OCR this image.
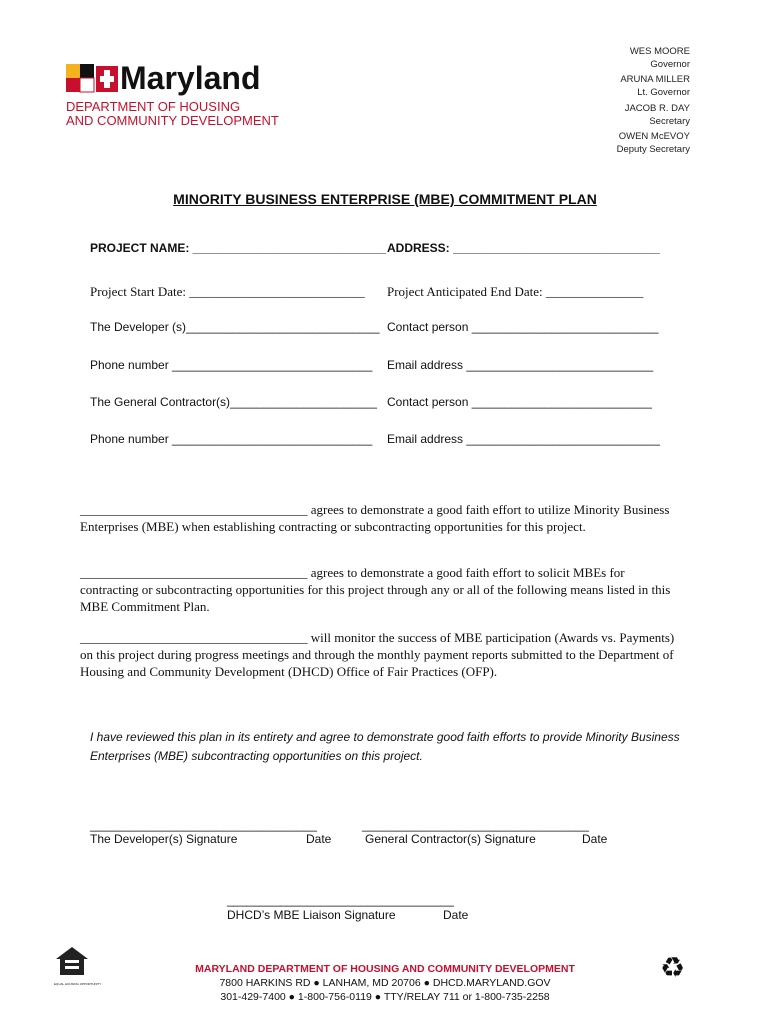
Maryland
DEPARTMENT OF HOUSING
AND COMMUNITY DEVELOPMENT
WES MOORE
Governor
ARUNA MILLER
Lt. Governor
JACOB R. DAY
Secretary
OWEN McEVOY
Deputy Secretary
MINORITY BUSINESS ENTERPRISE (MBE) COMMITMENT PLAN
PROJECT NAME: _____________________________ ADDRESS: _______________________________
Project Start Date: ___________________________ Project Anticipated End Date: _______________
The Developer (s)_____________________________ Contact person ____________________________
Phone number ______________________________ Email address ____________________________
The General Contractor(s)______________________ Contact person ___________________________
Phone number ______________________________ Email address _____________________________
___________________________________ agrees to demonstrate a good faith effort to utilize Minority Business Enterprises (MBE) when establishing contracting or subcontracting opportunities for this project.
___________________________________ agrees to demonstrate a good faith effort to solicit MBEs for contracting or subcontracting opportunities for this project through any or all of the following means listed in this MBE Commitment Plan.
___________________________________ will monitor the success of MBE participation (Awards vs. Payments) on this project during progress meetings and through the monthly payment reports submitted to the Department of Housing and Community Development (DHCD) Office of Fair Practices (OFP).
I have reviewed this plan in its entirety and agree to demonstrate good faith efforts to provide Minority Business Enterprises (MBE) subcontracting opportunities on this project.
__________________________________
The Developer(s) Signature	Date
__________________________________
General Contractor(s) Signature	Date
__________________________________
DHCD’s MBE Liaison Signature	Date
EQUAL HOUSING OPPORTUNITY
♻
MARYLAND DEPARTMENT OF HOUSING AND COMMUNITY DEVELOPMENT
7800 HARKINS RD ● LANHAM, MD 20706 ● DHCD.MARYLAND.GOV
301-429-7400 ● 1-800-756-0119 ● TTY/RELAY 711 or 1-800-735-2258
